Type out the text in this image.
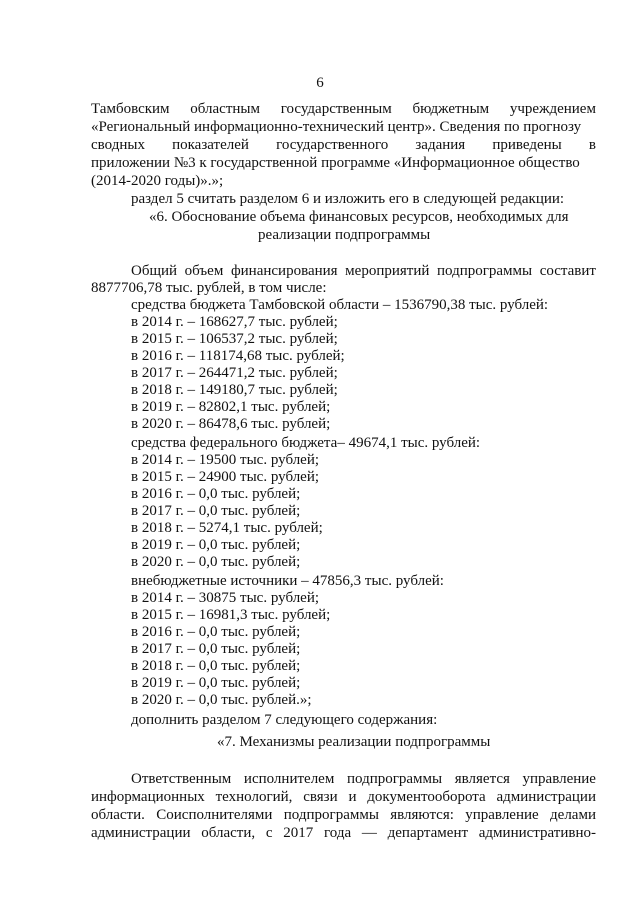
6
Тамбовским областным государственным бюджетным учреждением
«Региональный информационно-технический центр». Сведения по прогнозу
сводных показателей государственного задания приведены в
приложении №3 к государственной программе «Информационное общество
(2014-2020 годы)».»;
раздел 5 считать разделом 6 и изложить его в следующей редакции:
«6. Обоснование объема финансовых ресурсов, необходимых для
реализации подпрограммы
Общий объем финансирования мероприятий подпрограммы составит
8877706,78 тыс. рублей, в том числе:
средства бюджета Тамбовской области – 1536790,38 тыс. рублей:
в 2014 г. – 168627,7 тыс. рублей;
в 2015 г. – 106537,2 тыс. рублей;
в 2016 г. – 118174,68 тыс. рублей;
в 2017 г. – 264471,2 тыс. рублей;
в 2018 г. – 149180,7 тыс. рублей;
в 2019 г. – 82802,1 тыс. рублей;
в 2020 г. – 86478,6 тыс. рублей;
средства федерального бюджета– 49674,1 тыс. рублей:
в 2014 г. – 19500 тыс. рублей;
в 2015 г. – 24900 тыс. рублей;
в 2016 г. – 0,0 тыс. рублей;
в 2017 г. – 0,0 тыс. рублей;
в 2018 г. – 5274,1 тыс. рублей;
в 2019 г. – 0,0 тыс. рублей;
в 2020 г. – 0,0 тыс. рублей;
внебюджетные источники – 47856,3 тыс. рублей:
в 2014 г. – 30875 тыс. рублей;
в 2015 г. – 16981,3 тыс. рублей;
в 2016 г. – 0,0 тыс. рублей;
в 2017 г. – 0,0 тыс. рублей;
в 2018 г. – 0,0 тыс. рублей;
в 2019 г. – 0,0 тыс. рублей;
в 2020 г. – 0,0 тыс. рублей.»;
дополнить разделом 7 следующего содержания:
«7. Механизмы реализации подпрограммы
Ответственным исполнителем подпрограммы является управление
информационных технологий, связи и документооборота администрации
области. Соисполнителями подпрограммы являются: управление делами
администрации области, с 2017 года — департамент административно-
